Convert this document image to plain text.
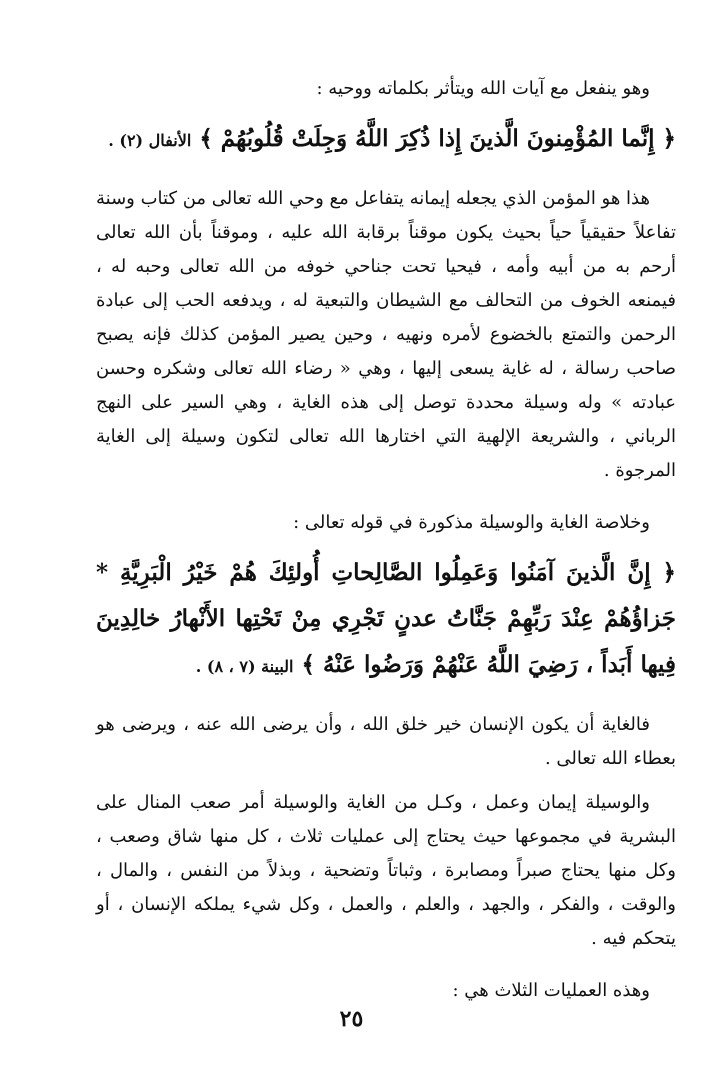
وهو ينفعل مع آيات الله ويتأثر بكلماته ووحيه :

﴿ إِنَّما المُؤْمِنونَ الَّذينَ إِذا ذُكِرَ اللَّهُ وَجِلَتْ قُلُوبُهُمْ ﴾ الأنفال (٢) .

هذا هو المؤمن الذي يجعله إيمانه يتفاعل مع وحي الله تعالى من كتاب وسنة تفاعلاً حقيقياً حياً بحيث يكون موقناً برقابة الله عليه ، وموقناً بأن الله تعالى أرحم به من أبيه وأمه ، فيحيا تحت جناحي خوفه من الله تعالى وحبه له ، فيمنعه الخوف من التحالف مع الشيطان والتبعية له ، ويدفعه الحب إلى عبادة الرحمن والتمتع بالخضوع لأمره ونهيه ، وحين يصير المؤمن كذلك فإنه يصبح صاحب رسالة ، له غاية يسعى إليها ، وهي « رضاء الله تعالى وشكره وحسن عبادته » وله وسيلة محددة توصل إلى هذه الغاية ، وهي السير على النهج الرباني ، والشريعة الإلهية التي اختارها الله تعالى لتكون وسيلة إلى الغاية المرجوة .

وخلاصة الغاية والوسيلة مذكورة في قوله تعالى :

﴿ إِنَّ الَّذينَ آمَنُوا وَعَمِلُوا الصَّالِحاتِ أُولئِكَ هُمْ خَيْرُ الْبَرِيَّةِ * جَزاؤُهُمْ عِنْدَ رَبِّهِمْ جَنَّاتُ عدنٍ تَجْرِي مِنْ تَحْتِها الأَنْهارُ خالِدِينَ فِيها أَبَداً ، رَضِيَ اللَّهُ عَنْهُمْ وَرَضُوا عَنْهُ ﴾ البينة (٧ ، ٨) .

فالغاية أن يكون الإنسان خير خلق الله ، وأن يرضى الله عنه ، ويرضى هو بعطاء الله تعالى .

والوسيلة إيمان وعمل ، وكـل من الغاية والوسيلة أمر صعب المنال على البشرية في مجموعها حيث يحتاج إلى عمليات ثلاث ، كل منها شاق وصعب ، وكل منها يحتاج صبراً ومصابرة ، وثباتاً وتضحية ، وبذلاً من النفس ، والمال ، والوقت ، والفكر ، والجهد ، والعلم ، والعمل ، وكل شيء يملكه الإنسان ، أو يتحكم فيه .

وهذه العمليات الثلاث هي :

٢٥
